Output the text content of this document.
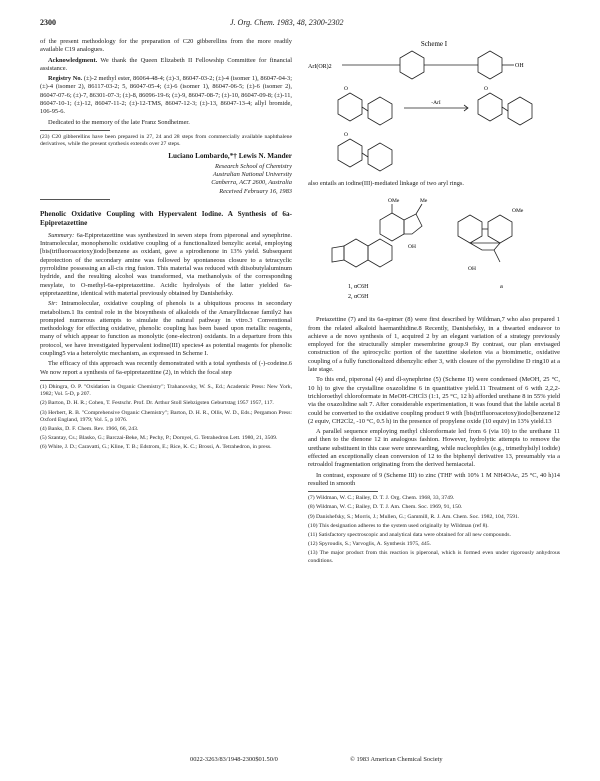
2300	J. Org. Chem. 1983, 48, 2300-2302

of the present methodology for the preparation of C20 gibberellins from the more readily available C19 analogues.

Acknowledgment. We thank the Queen Elizabeth II Fellowship Committee for financial assistance.

Registry No. (±)-2 methyl ester, 86064-48-4; (±)-3, 86047-03-2; (±)-4 (isomer 1), 86047-04-3; (±)-4 (isomer 2), 86117-03-2; 5, 86047-05-4; (±)-6 (isomer 1), 86047-06-5; (±)-6 (isomer 2), 86047-07-6; (±)-7, 86301-07-3; (±)-8, 86096-19-6; (±)-9, 86047-08-7; (±)-10, 86047-09-8; (±)-11, 86047-10-1; (±)-12, 86047-11-2; (±)-12-TMS, 86047-12-3; (±)-13, 86047-13-4; allyl bromide, 106-95-6.

Dedicated to the memory of the late Franz Sondheimer.

(23) C20 gibberellins have been prepared in 27, 24 and 28 steps from commercially available naphthalene derivatives, while the present synthesis extends over 27 steps.

Luciano Lombardo,*† Lewis N. Mander
Research School of Chemistry
Australian National University
Canberra, ACT 2600, Australia
Received February 16, 1983
Phenolic Oxidative Coupling with Hypervalent Iodine. A Synthesis of 6a-Epipretazettine

Summary: 6a-Epipretazettine was synthesized in seven steps from piperonal and synephrine. Intramolecular, monophenolic oxidative coupling of a functionalized benzylic acetal, employing [bis(trifluoroacetoxy)iodo]benzene as oxidant, gave a spirodienone in 13% yield. Subsequent deprotection of the secondary amine was followed by spontaneous closure to a tetracyclic pyrrolidine possessing an all-cis ring fusion. This material was reduced with diisobutylaluminum hydride, and the resulting alcohol was transformed, via methanolysis of the corresponding mesylate, to O-methyl-6a-epipretazettine. Acidic hydrolysis of the latter yielded 6a-epipretazettine, identical with material previously obtained by Danishefsky.

Sir: Intramolecular, oxidative coupling of phenols is a ubiquitous process in secondary metabolism.1 Its central role in the biosynthesis of alkaloids of the Amaryllidaceae family2 has prompted numerous attempts to simulate the natural pathway in vitro.3 Conventional methodology for effecting oxidative, phenolic coupling has been based upon metallic reagents, many of which appear to function as monolytic (one-electron) oxidants. In a departure from this protocol, we have investigated hypervalent iodine(III) species4 as potential reagents for phenolic coupling5 via a heterolytic mechanism, as expressed in Scheme I.

The efficacy of this approach was recently demonstrated with a total synthesis of (-)-codeine.6 We now report a synthesis of 6a-epipretazettine (2), in which the focal step

(1) Dhingra, O. P. "Oxidation in Organic Chemistry"; Trahanovsky, W. S., Ed.; Academic Press: New York, 1982; Vol. 5-D, p 207.

(2) Barton, D. H. R.; Cohen, T. Festschr. Prof. Dr. Arthur Stoll Siebzigsten Geburtstag 1957 1957, 117.

(3) Herbert, R. B. "Comprehensive Organic Chemistry"; Barton, D. H. R., Ollis, W. D., Eds.; Pergamon Press: Oxford England, 1979; Vol. 5, p 1076.

(4) Banks, D. F. Chem. Rev. 1966, 66, 243.

(5) Szantay, Cs.; Blasko, G.; Barczai-Beke, M.; Pechy, P.; Dornyei, G. Tetrahedron Lett. 1980, 21, 3509.

(6) White, J. D.; Caravatti, G.; Kline, T. B.; Edstrom, E.; Rice, K. C.; Brossi, A. Tetrahedron, in press.

Scheme I
ArI(OR)2	OH
-ArI
O	O
O

also entails an iodine(III)-mediated linkage of two aryl rings.

OMe	Me
OH
1, αC6H
2, αC6H
OMe
OH
a

Pretazettine (7) and its 6a-epimer (8) were first described by Wildman,7 who also prepared 1 from the related alkaloid haemanthidine.8 Recently, Danishefsky, in a thwarted endeavor to achieve a de novo synthesis of 1, acquired 2 by an elegant variation of a strategy previously employed for the structurally simpler mesembrine group.9 By contrast, our plan envisaged construction of the spirocyclic portion of the tazettine skeleton via a biomimetic, oxidative coupling of a fully functionalized dibenzylic ether 3, with closure of the pyrrolidine D ring10 at a late stage.

To this end, piperonal (4) and dl-synephrine (5) (Scheme II) were condensed (MeOH, 25 °C, 10 h) to give the crystalline oxazolidine 6 in quantitative yield.11 Treatment of 6 with 2,2,2-trichloroethyl chloroformate in MeOH-CHCl3 (1:1, 25 °C, 12 h) afforded urethane 8 in 55% yield via the oxazolidine salt 7. After considerable experimentation, it was found that the labile acetal 8 could be converted to the oxidative coupling product 9 with [bis(trifluoroacetoxy)iodo]benzene12 (2 equiv, CH2Cl2, -10 °C, 0.5 h) in the presence of propylene oxide (10 equiv) in 13% yield.13

A parallel sequence employing methyl chloroformate led from 6 (via 10) to the urethane 11 and then to the dienone 12 in analogous fashion. However, hydrolytic attempts to remove the urethane substituent in this case were unrewarding, while nucleophiles (e.g., trimethylsilyl iodide) effected an exceptionally clean conversion of 12 to the biphenyl derivative 13, presumably via a retroaldol fragmentation originating from the derived hemiacetal.

In contrast, exposure of 9 (Scheme III) to zinc (THF with 10% 1 M NH4OAc, 25 °C, 40 h)14 resulted in smooth

(7) Wildman, W. C.; Bailey, D. T. J. Org. Chem. 1968, 33, 3749.

(8) Wildman, W. C.; Bailey, D. T. J. Am. Chem. Soc. 1969, 91, 150.

(9) Danishefsky, S.; Morris, J.; Mullen, G.; Gammill, R. J. Am. Chem. Soc. 1982, 104, 7591.

(10) This designation adheres to the system used originally by Wildman (ref 8).

(11) Satisfactory spectroscopic and analytical data were obtained for all new compounds.

(12) Spyroudis, S.; Varvoglis, A. Synthesis 1975, 445.

(13) The major product from this reaction is piperonal, which is formed even under rigorously anhydrous conditions.

0022-3263/83/1948-2300$01.50/0	© 1983 American Chemical Society
